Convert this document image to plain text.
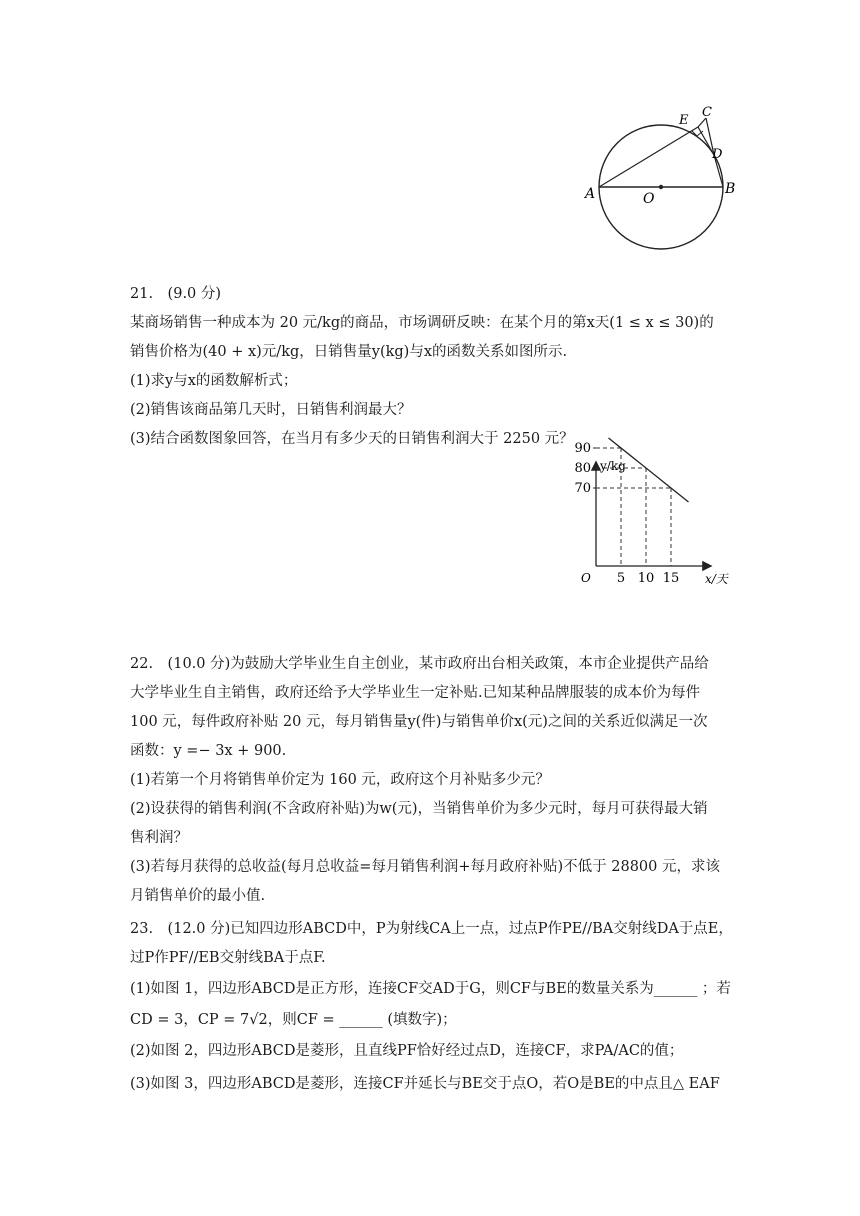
A	B
C
D
E
O
21.　(9.0 分)
某商场销售一种成本为 20 元/kg的商品，市场调研反映：在某个月的第x天(1 ≤ x ≤ 30)的
销售价格为(40 + x)元/kg，日销售量y(kg)与x的函数关系如图所示.
(1)求y与x的函数解析式；
(2)销售该商品第几天时，日销售利润最大？
(3)结合函数图象回答，在当月有多少天的日销售利润大于 2250 元？
y/kg
x/天
O 5 10 15
90
80
70
22.　(10.0 分)为鼓励大学毕业生自主创业，某市政府出台相关政策，本市企业提供产品给
大学毕业生自主销售，政府还给予大学毕业生一定补贴.已知某种品牌服装的成本价为每件
100 元，每件政府补贴 20 元，每月销售量y(件)与销售单价x(元)之间的关系近似满足一次
函数：y =− 3x + 900.
(1)若第一个月将销售单价定为 160 元，政府这个月补贴多少元？
(2)设获得的销售利润(不含政府补贴)为w(元)，当销售单价为多少元时，每月可获得最大销
售利润？
(3)若每月获得的总收益(每月总收益=每月销售利润+每月政府补贴)不低于 28800 元，求该
月销售单价的最小值.
23.　(12.0 分)已知四边形ABCD中，P为射线CA上一点，过点P作PE//BA交射线DA于点E，
过P作PF//EB交射线BA于点F.
(1)如图 1，四边形ABCD是正方形，连接CF交AD于G，则CF与BE的数量关系为______ ；若
CD = 3，CP = 7√2，则CF = ______ (填数字)；
(2)如图 2，四边形ABCD是菱形，且直线PF恰好经过点D，连接CF，求PA/AC的值；
(3)如图 3，四边形ABCD是菱形，连接CF并延长与BE交于点O，若O是BE的中点且△ EAF
